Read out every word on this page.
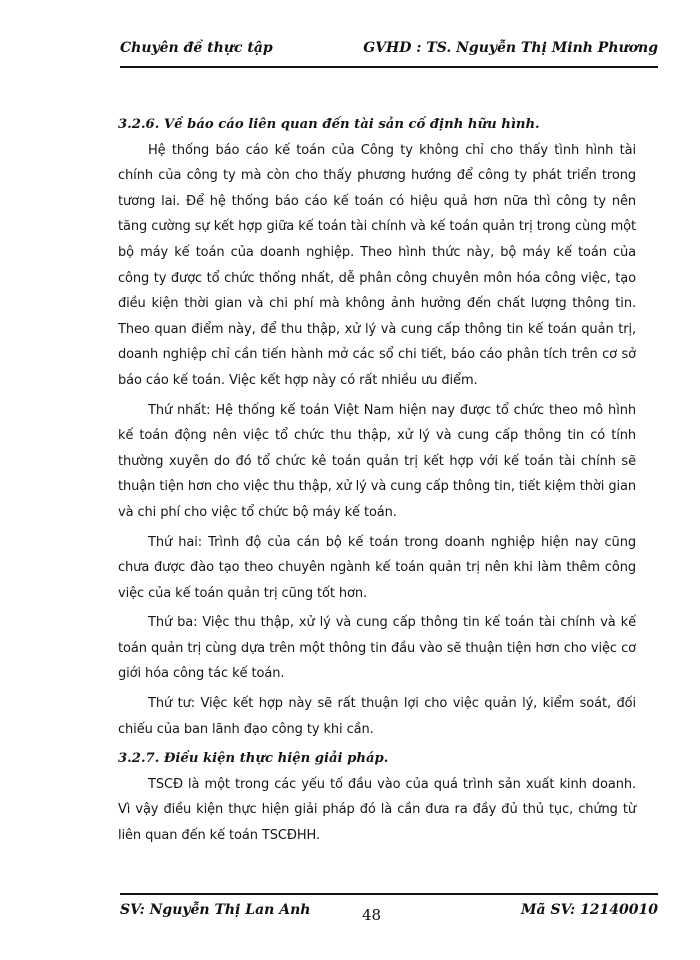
Chuyên đề thực tập	GVHD : TS. Nguyễn Thị Minh Phương

3.2.6. Về báo cáo liên quan đến tài sản cố định hữu hình.

Hệ thống báo cáo kế toán của Công ty không chỉ cho thấy tình hình tài chính của công ty mà còn cho thấy phương hướng để công ty phát triển trong tương lai. Để hệ thống báo cáo kế toán có hiệu quả hơn nữa thì công ty nên tăng cường sự kết hợp giữa kế toán tài chính và kế toán quản trị trong cùng một bộ máy kế toán của doanh nghiệp. Theo hình thức này, bộ máy kế toán của công ty được tổ chức thống nhất, dễ phân công chuyên môn hóa công việc, tạo điều kiện thời gian và chi phí mà không ảnh hưởng đến chất lượng thông tin. Theo quan điểm này, để thu thập, xử lý và cung cấp thông tin kế toán quản trị, doanh nghiệp chỉ cần tiến hành mở các sổ chi tiết, báo cáo phân tích trên cơ sở báo cáo kế toán. Việc kết hợp này có rất nhiều ưu điểm.

Thứ nhất: Hệ thống kế toán Việt Nam hiện nay được tổ chức theo mô hình kế toán động nên việc tổ chức thu thập, xử lý và cung cấp thông tin có tính thường xuyên do đó tổ chức kê toán quản trị kết hợp với kế toán tài chính sẽ thuận tiện hơn cho việc thu thập, xử lý và cung cấp thông tin, tiết kiệm thời gian và chi phí cho việc tổ chức bộ máy kế toán.

Thứ hai: Trình độ của cán bộ kế toán trong doanh nghiệp hiện nay cũng chưa được đào tạo theo chuyên ngành kế toán quản trị nên khi làm thêm công việc của kế toán quản trị cũng tốt hơn.

Thứ ba: Việc thu thập, xử lý và cung cấp thông tin kế toán tài chính và kế toán quản trị cùng dựa trên một thông tin đầu vào sẽ thuận tiện hơn cho việc cơ giới hóa công tác kế toán.

Thứ tư: Việc kết hợp này sẽ rất thuận lợi cho việc quản lý, kiểm soát, đối chiếu của ban lãnh đạo công ty khi cần.

3.2.7. Điều kiện thực hiện giải pháp.

TSCĐ là một trong các yếu tố đầu vào của quá trình sản xuất kinh doanh. Vì vậy điều kiện thực hiện giải pháp đó là cần đưa ra đầy đủ thủ tục, chứng từ liên quan đến kế toán TSCĐHH.

SV: Nguyễn Thị Lan Anh	48	Mã SV: 12140010
